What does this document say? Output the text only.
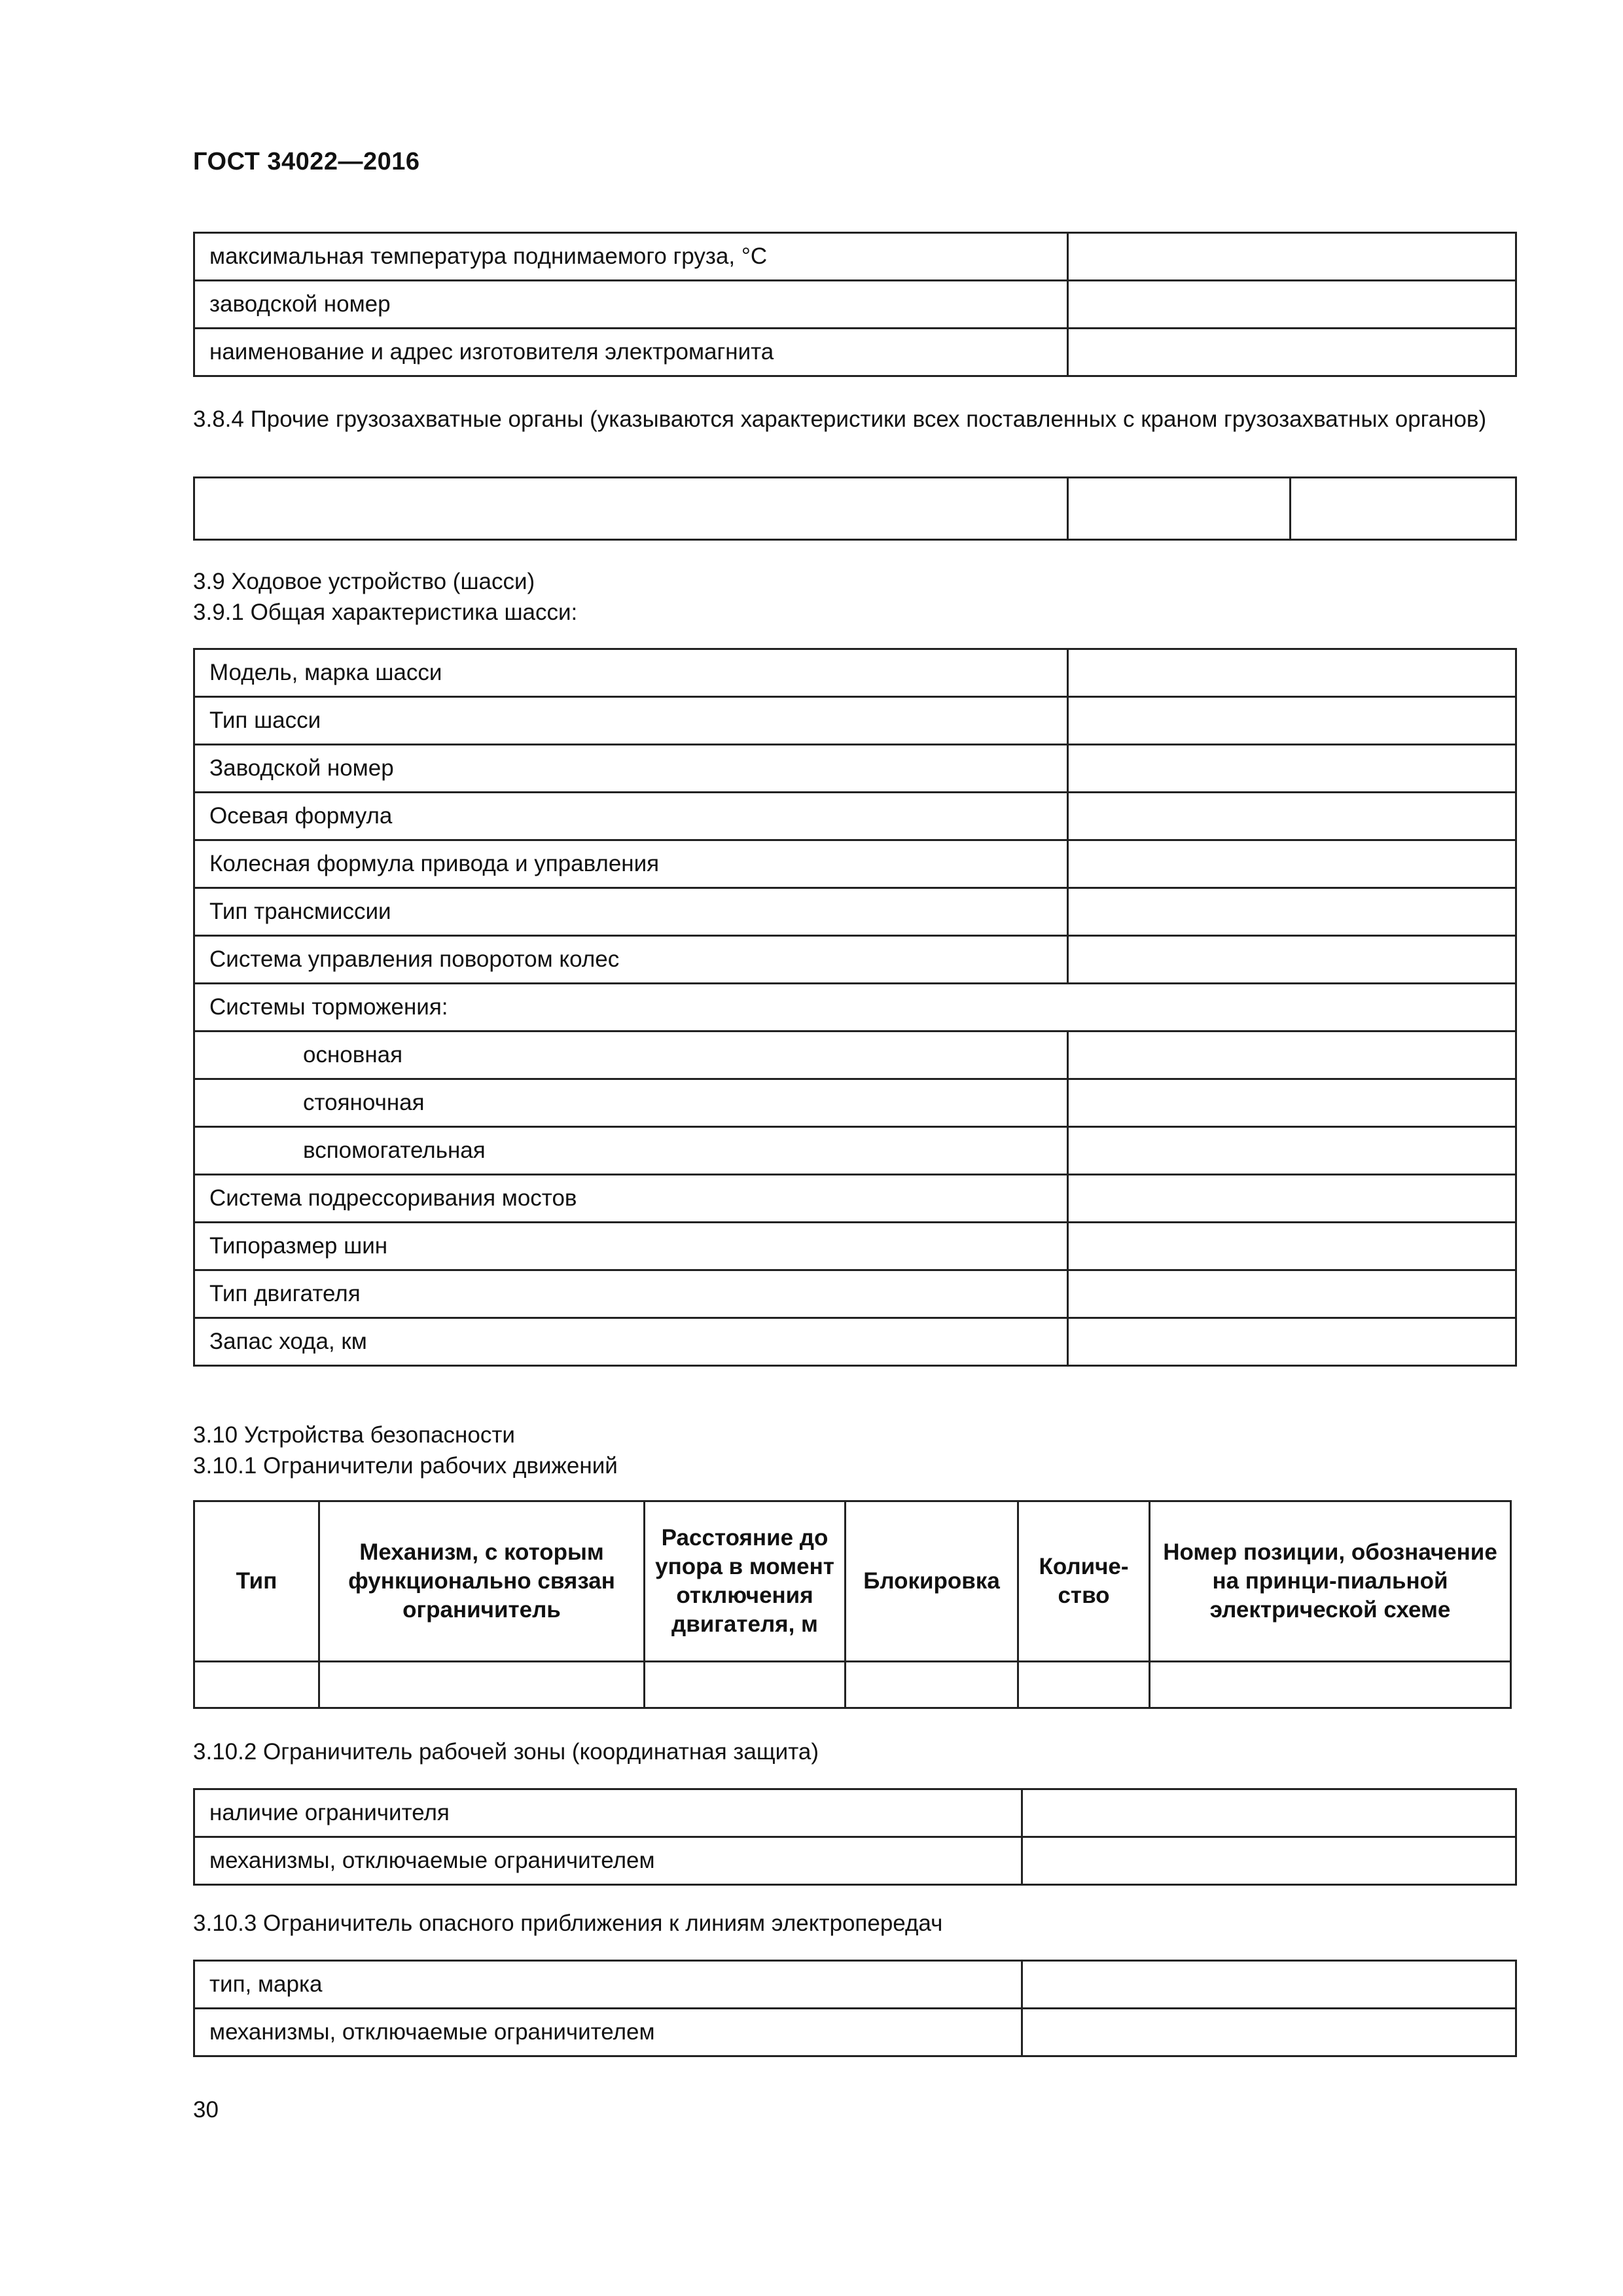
ГОСТ 34022—2016
максимальная температура поднимаемого груза, °С	
заводской номер	
наименование и адрес изготовителя электромагнита	
3.8.4 Прочие грузозахватные органы (указываются характеристики всех поставленных с краном грузозахватных органов)

3.9 Ходовое устройство (шасси)
3.9.1 Общая характеристика шасси:
Модель, марка шасси	
Тип шасси	
Заводской номер	
Осевая формула	
Колесная формула привода и управления	
Тип трансмиссии	
Система управления поворотом колес	
Системы торможения:	
основная	
стояночная	
вспомогательная	
Система подрессоривания мостов	
Типоразмер шин	
Тип двигателя	
Запас хода, км	
3.10 Устройства безопасности
3.10.1 Ограничители рабочих движений
Тип	Механизм, с которым функционально связан ограничитель	Расстояние до упора в момент отключения двигателя, м	Блокировка	Количе-ство	Номер позиции, обозначение на принци-пиальной электрической схеме

3.10.2 Ограничитель рабочей зоны (координатная защита)
наличие ограничителя	
механизмы, отключаемые ограничителем	
3.10.3 Ограничитель опасного приближения к линиям электропередач
тип, марка	
механизмы, отключаемые ограничителем	
30
